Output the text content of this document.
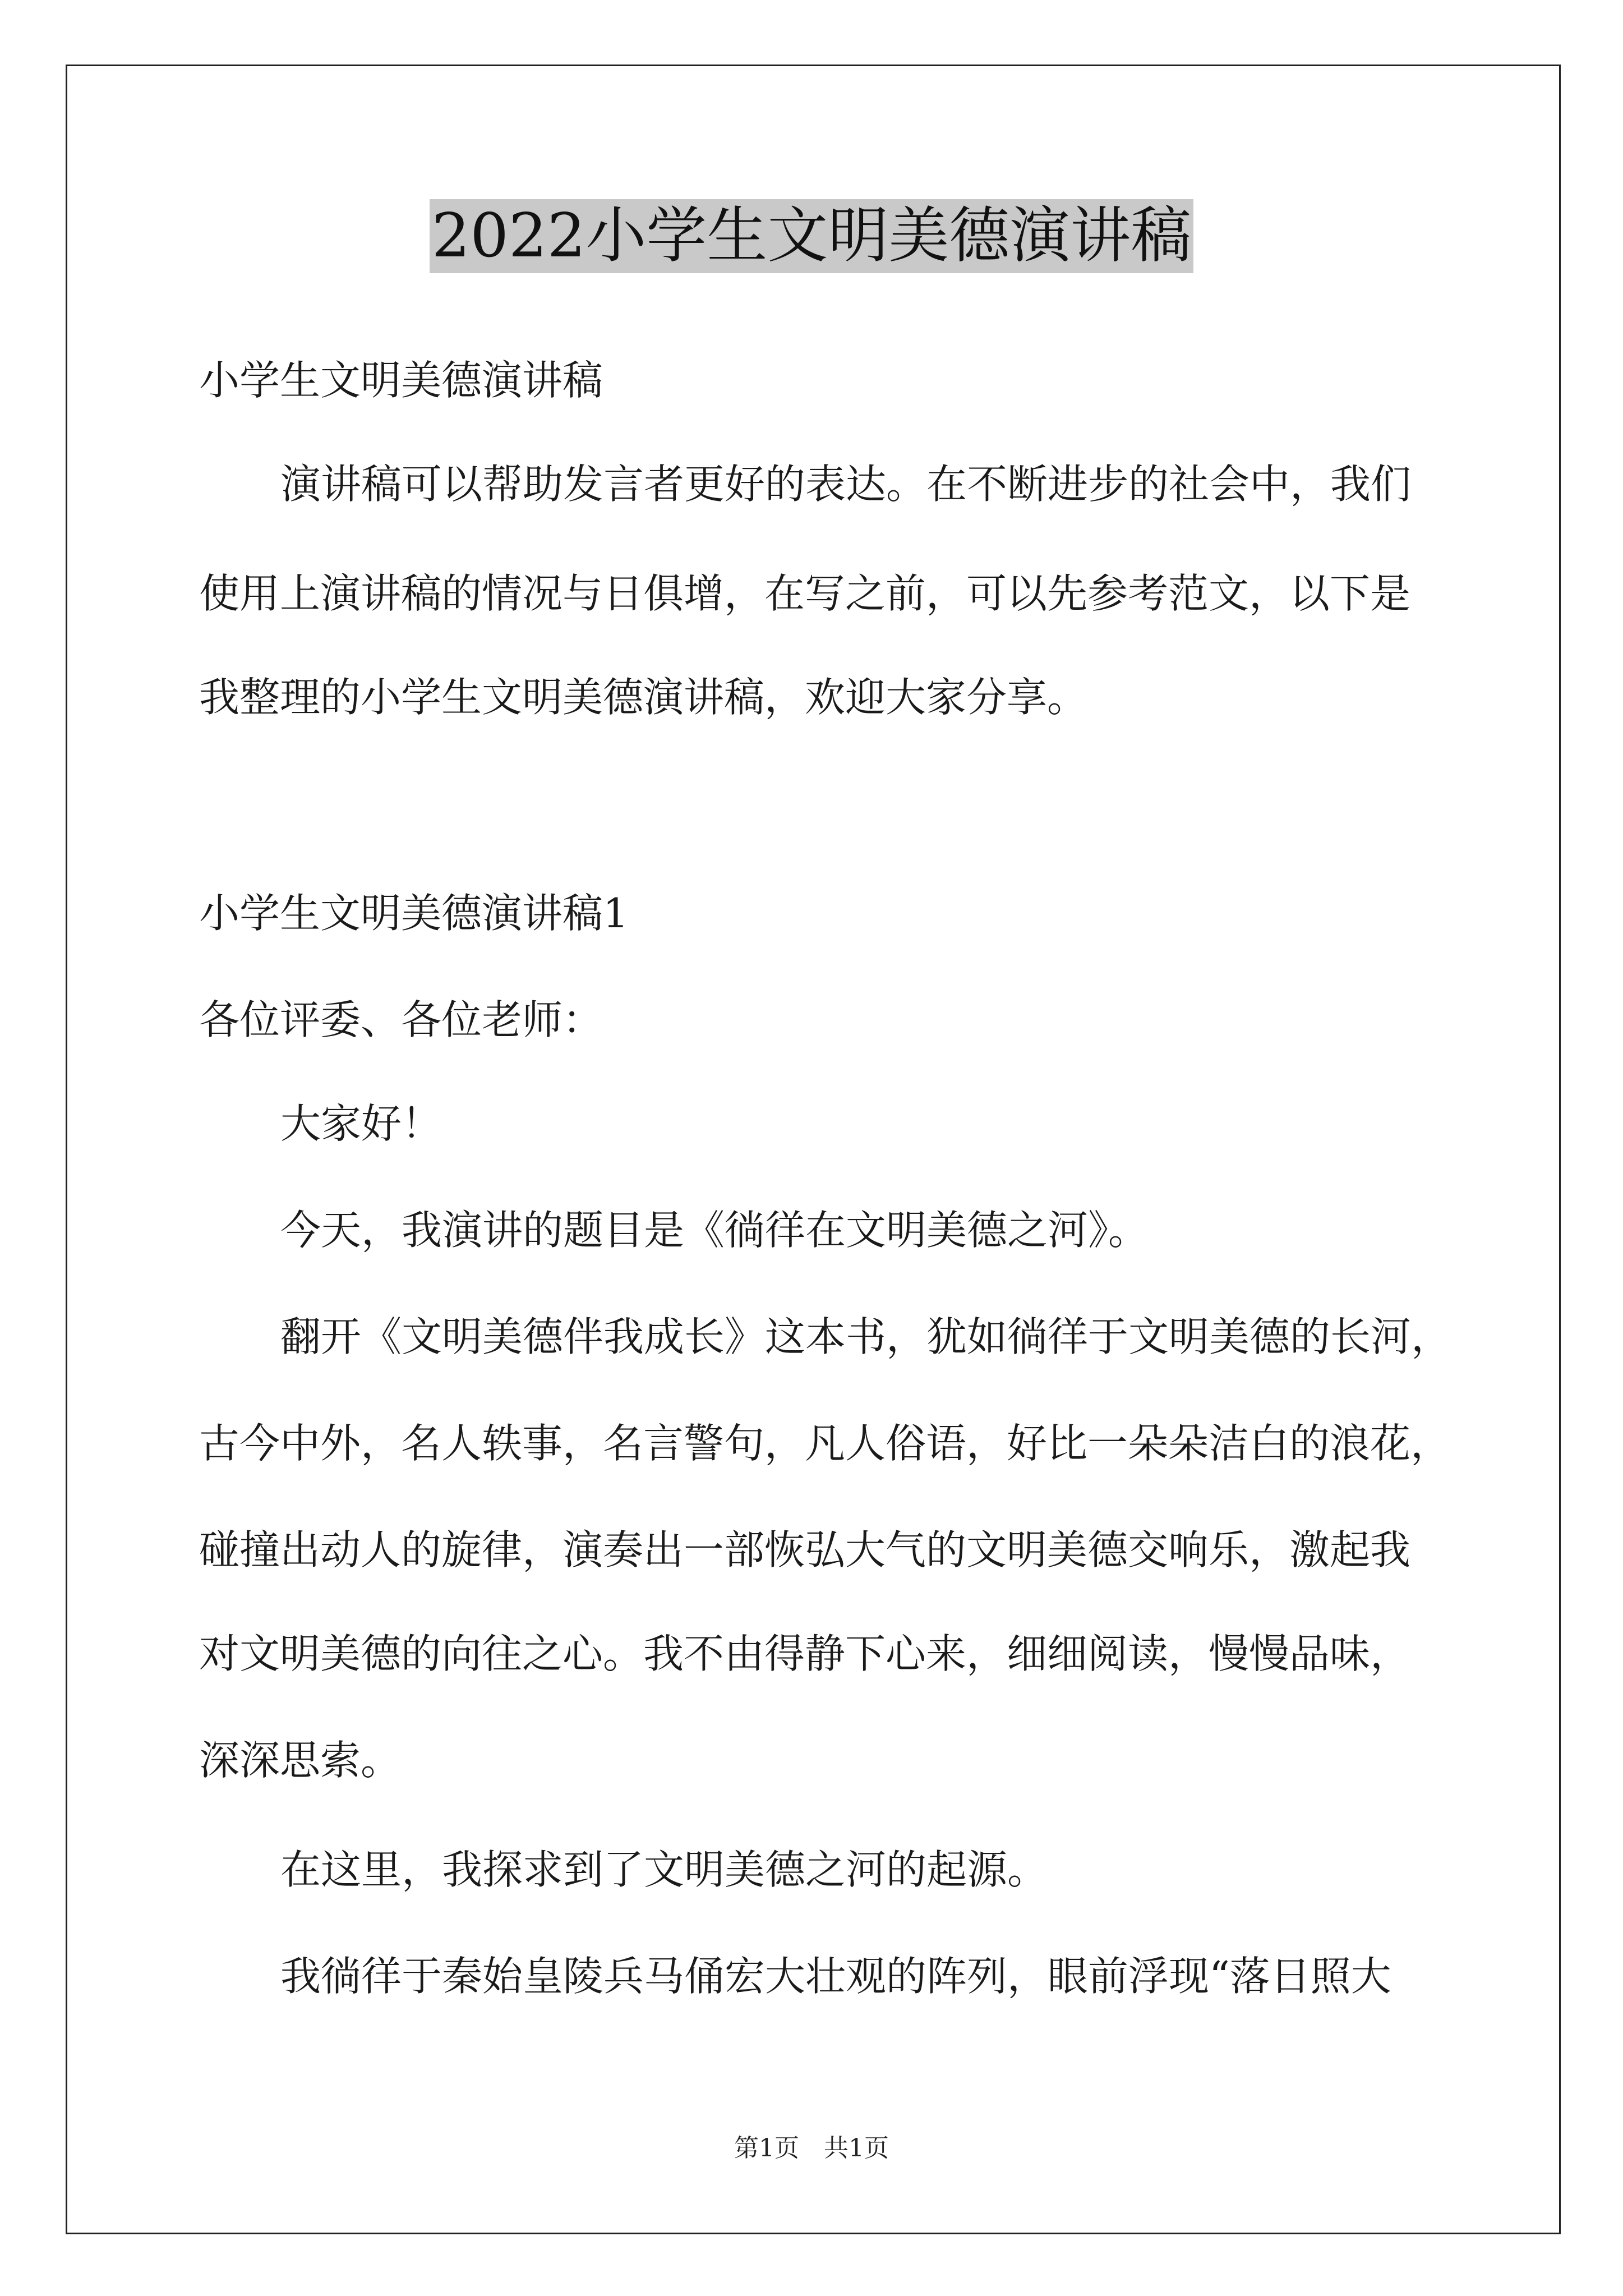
2022小学生文明美德演讲稿
小学生文明美德演讲稿
演讲稿可以帮助发言者更好的表达。在不断进步的社会中，我们
使用上演讲稿的情况与日俱增，在写之前，可以先参考范文，以下是
我整理的小学生文明美德演讲稿，欢迎大家分享。
小学生文明美德演讲稿1
各位评委、各位老师：
大家好！
今天，我演讲的题目是《徜徉在文明美德之河》。
翻开《文明美德伴我成长》这本书，犹如徜徉于文明美德的长河，
古今中外，名人轶事，名言警句，凡人俗语，好比一朵朵洁白的浪花，
碰撞出动人的旋律，演奏出一部恢弘大气的文明美德交响乐，激起我
对文明美德的向往之心。我不由得静下心来，细细阅读，慢慢品味，
深深思索。
在这里，我探求到了文明美德之河的起源。
我徜徉于秦始皇陵兵马俑宏大壮观的阵列，眼前浮现“落日照大
第1页　共1页
